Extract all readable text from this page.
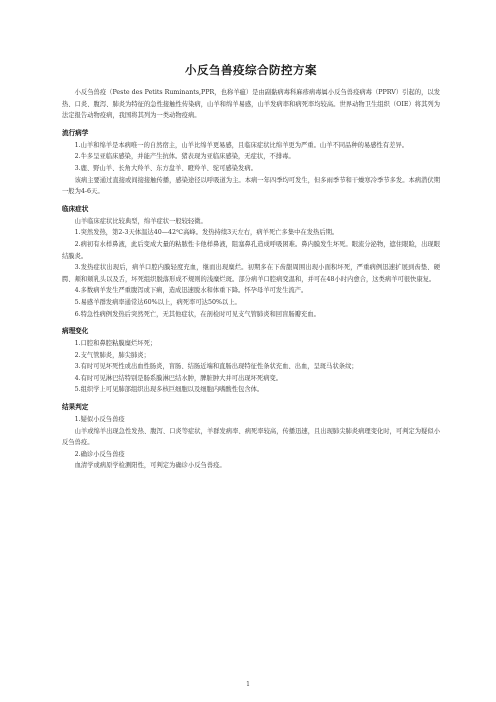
小反刍兽疫综合防控方案

小反刍兽疫（Peste des Petits Ruminants,PPR，也称羊瘟）是由副黏病毒科麻疹病毒属小反刍兽疫病毒（PPRV）引起的，以发热、口炎、腹泻、肺炎为特征的急性接触性传染病，山羊和绵羊易感，山羊发病率和病死率均较高。世界动物卫生组织（OIE）将其列为法定报告动物疫病，我国将其列为一类动物疫病。

流行病学

1.山羊和绵羊是本病唯一的自然宿主，山羊比绵羊更易感，且临床症状比绵羊更为严重。山羊不同品种的易感性有差异。

2.牛多呈亚临床感染，并能产生抗体。猪表现为亚临床感染，无症状，不排毒。

3.鹿、野山羊、长角大羚羊、东方盘羊、瞪羚羊、驼可感染发病。

该病主要通过直接或间接接触传播，感染途径以呼吸道为主。本病一年四季均可发生，但多雨季节和干燥寒冷季节多发。本病潜伏期一般为4-6天。

临床症状

山羊临床症状比较典型，绵羊症状一般较轻微。

1.突然发热，第2-3天体温达40—42℃高峰。发热持续3天左右，病羊死亡多集中在发热后期。

2.病初有水样鼻液，此后变成大量的粘脓性卡他样鼻液，阻塞鼻孔造成呼吸困难。鼻内膜发生坏死。眼流分泌物，遮住眼睑，出现眼结膜炎。

3.发热症状出现后，病羊口腔内膜轻度充血，继而出现糜烂。初期多在下齿龈周围出现小面积坏死，严重病例迅速扩展到齿垫、硬腭、颊和颊乳头以及舌，坏死组织脱落形成不规则的浅糜烂斑。部分病羊口腔病变温和，并可在48小时内愈合，这类病羊可很快康复。

4.多数病羊发生严重腹泻或下痢，造成迅速脱水和体重下降。怀孕母羊可发生流产。

5.易感羊群发病率通常达60%以上，病死率可达50%以上。

6.特急性病例发热后突然死亡，无其他症状，在剖检时可见支气管肺炎和回盲肠瓣充血。

病理变化

1.口腔和鼻腔粘膜糜烂坏死；

2.支气管肺炎，肺尖肺炎；

3.有时可见坏死性或出血性肠炎，盲肠、结肠近端和直肠出现特征性条状充血、出血，呈斑马状条纹；

4.有时可见淋巴结特别是肠系膜淋巴结水肿，脾脏肿大并可出现坏死病变。

5.组织学上可见肺部组织出现多核巨细胞以及细胞内嗜酸性包含体。

结果判定

1.疑似小反刍兽疫

山羊或绵羊出现急性发热、腹泻、口炎等症状，羊群发病率、病死率较高，传播迅速，且出现肺尖肺炎病理变化时，可判定为疑似小反刍兽疫。

2.确诊小反刍兽疫

血清学或病原学检测阳性，可判定为确诊小反刍兽疫。

1
